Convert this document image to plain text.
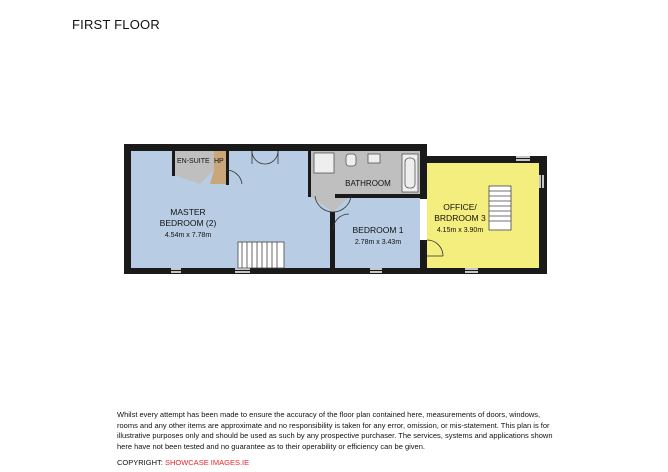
FIRST FLOOR
EN-SUITE HP
MASTER
BEDROOM (2)
4.54m x 7.78m
BATHROOM
BEDROOM 1
2.78m x 3.43m
OFFICE/
BRDROOM 3
4.15m x 3.90m
Whilst every attempt has been made to ensure the accuracy of the floor plan contained here, measurements of doors, windows, rooms and any other items are approximate and no responsibility is taken for any error, omission, or mis-statement. This plan is for illustrative purposes only and should be used as such by any prospective purchaser. The services, systems and applications shown here have not been tested and no guarantee as to their operability or efficiency can be given.
COPYRIGHT: SHOWCASE IMAGES.IE
